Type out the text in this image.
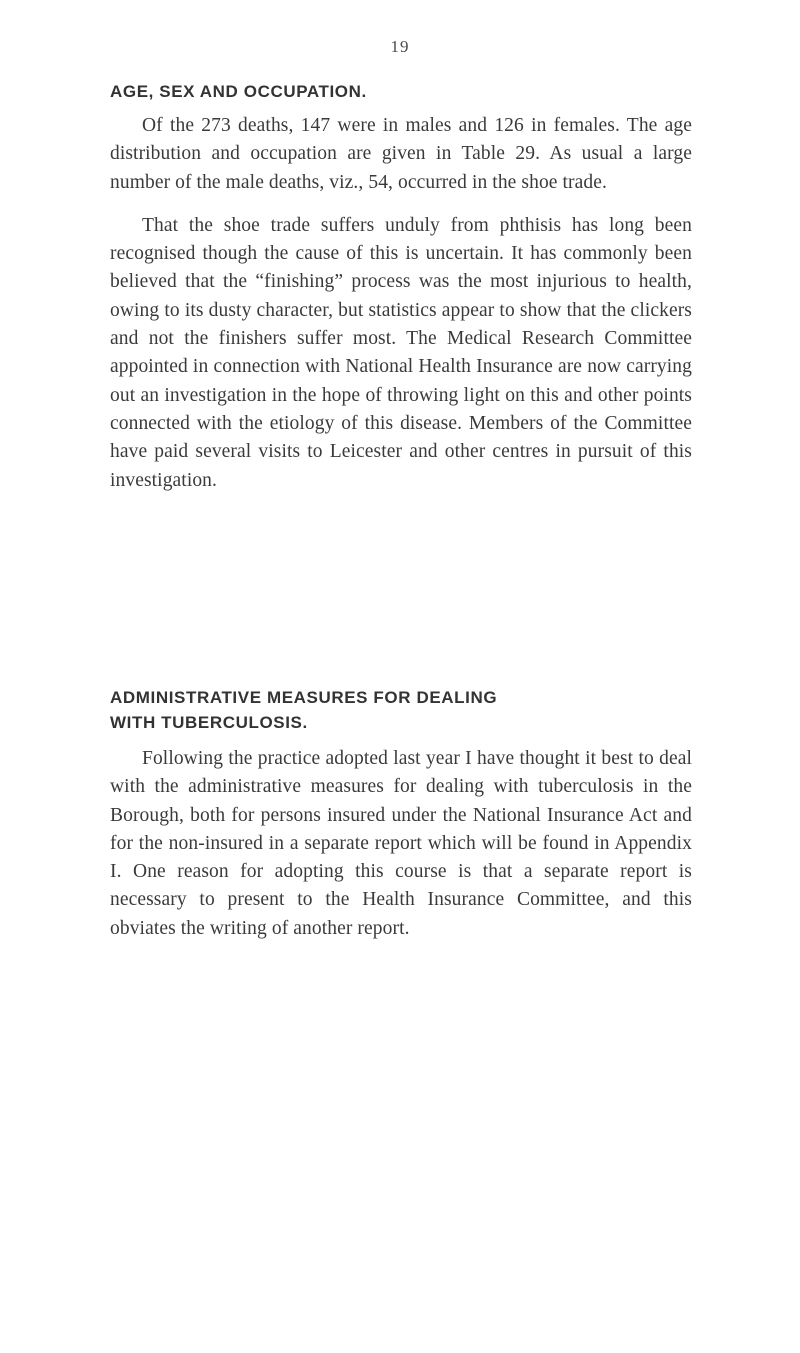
19
AGE, SEX AND OCCUPATION.

Of the 273 deaths, 147 were in males and 126 in females. The age distribution and occupation are given in Table 29. As usual a large number of the male deaths, viz., 54, occurred in the shoe trade.

That the shoe trade suffers unduly from phthisis has long been recognised though the cause of this is uncertain. It has commonly been believed that the “finishing” process was the most injurious to health, owing to its dusty character, but statistics appear to show that the clickers and not the finishers suffer most. The Medical Research Committee appointed in connection with National Health Insurance are now carrying out an investigation in the hope of throwing light on this and other points connected with the etiology of this disease. Members of the Committee have paid several visits to Leicester and other centres in pursuit of this investigation.

ADMINISTRATIVE MEASURES FOR DEALING
WITH TUBERCULOSIS.

Following the practice adopted last year I have thought it best to deal with the administrative measures for dealing with tuberculosis in the Borough, both for persons insured under the National Insurance Act and for the non-insured in a separate report which will be found in Appendix I. One reason for adopting this course is that a separate report is necessary to present to the Health Insurance Committee, and this obviates the writing of another report.
